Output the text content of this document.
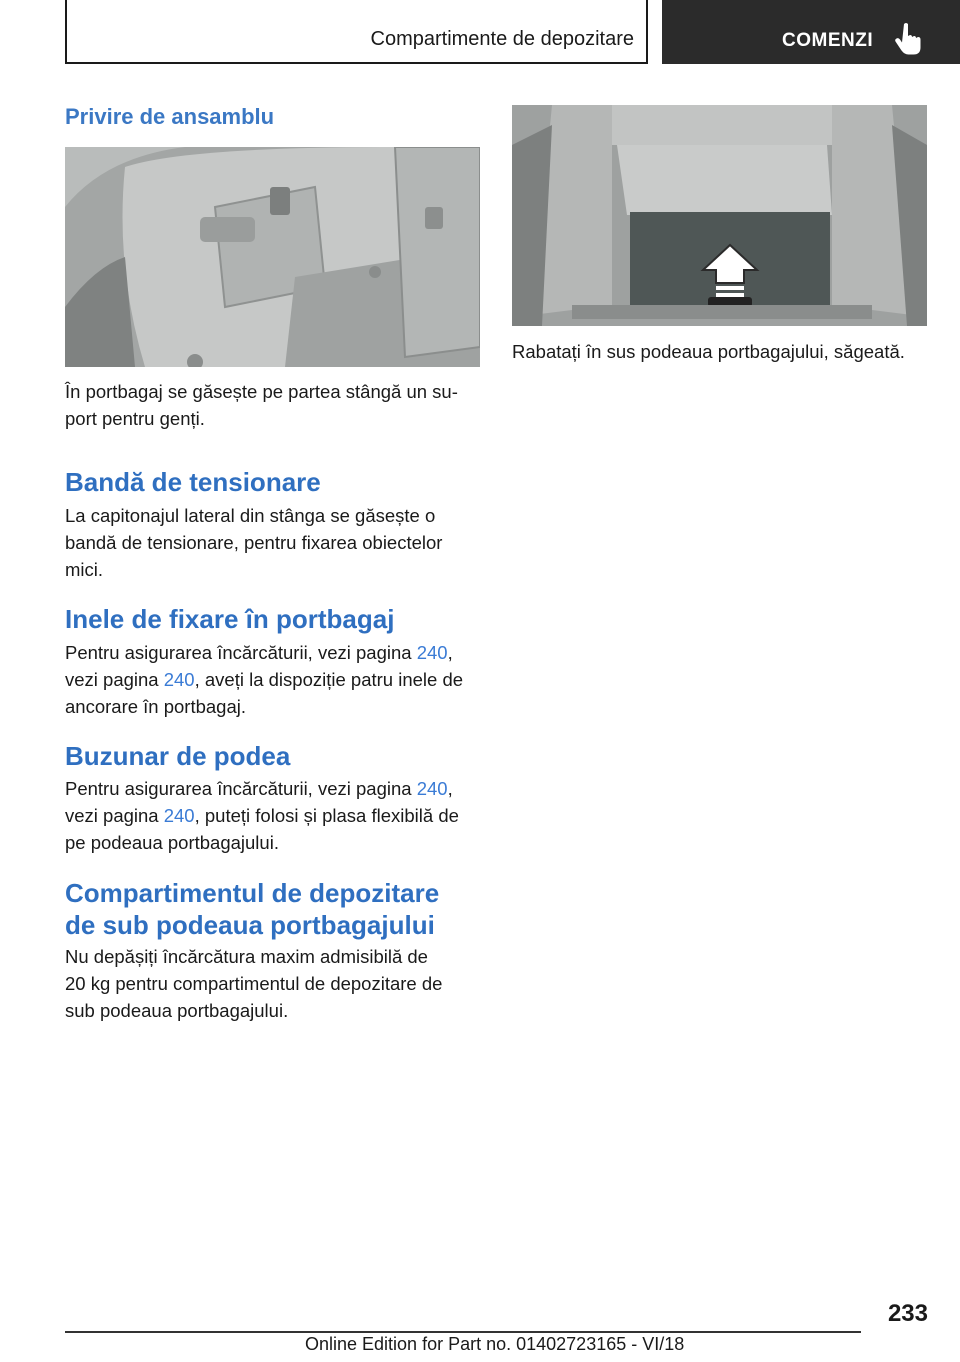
Compartimente de depozitare	COMENZI
Privire de ansamblu

În portbagaj se găsește pe partea stângă un su-
port pentru genți.

Bandă de tensionare

La capitonajul lateral din stânga se găsește o
bandă de tensionare, pentru fixarea obiectelor
mici.

Inele de fixare în portbagaj

Pentru asigurarea încărcăturii, vezi pagina 240,
vezi pagina 240, aveți la dispoziție patru inele de
ancorare în portbagaj.

Buzunar de podea

Pentru asigurarea încărcăturii, vezi pagina 240,
vezi pagina 240, puteți folosi și plasa flexibilă de
pe podeaua portbagajului.

Compartimentul de depozitare
de sub podeaua portbagajului

Nu depășiți încărcătura maxim admisibilă de
20 kg pentru compartimentul de depozitare de
sub podeaua portbagajului.

Rabatați în sus podeaua portbagajului, săgeată.

233
Online Edition for Part no. 01402723165 - VI/18
